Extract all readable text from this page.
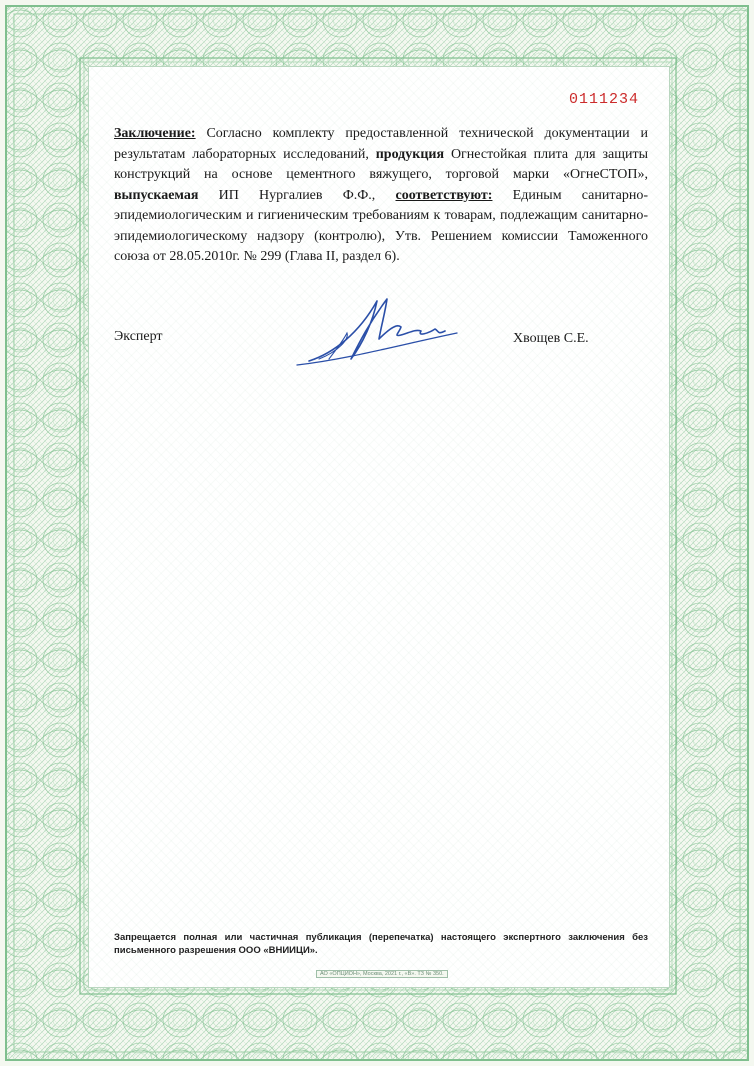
0111234
Заключение: Согласно комплекту предоставленной технической документации и результатам лабораторных исследований, продукция Огнестойкая плита для защиты конструкций на основе цементного вяжущего, торговой марки «ОгнеСТОП», выпускаемая ИП Нургалиев Ф.Ф., соответствуют: Единым санитарно-эпидемиологическим и гигиеническим требованиям к товарам, подлежащим санитарно-эпидемиологическому надзору (контролю), Утв. Решением комиссии Таможенного союза от 28.05.2010г. № 299 (Глава II, раздел 6).
Эксперт	Хвощев С.Е.
Запрещается полная или частичная публикация (перепечатка) настоящего экспертного заключения без письменного разрешения ООО «ВНИИЦИ».
АО «ОПЦИОН», Москва, 2021 г., «В». ТЗ № 350.
